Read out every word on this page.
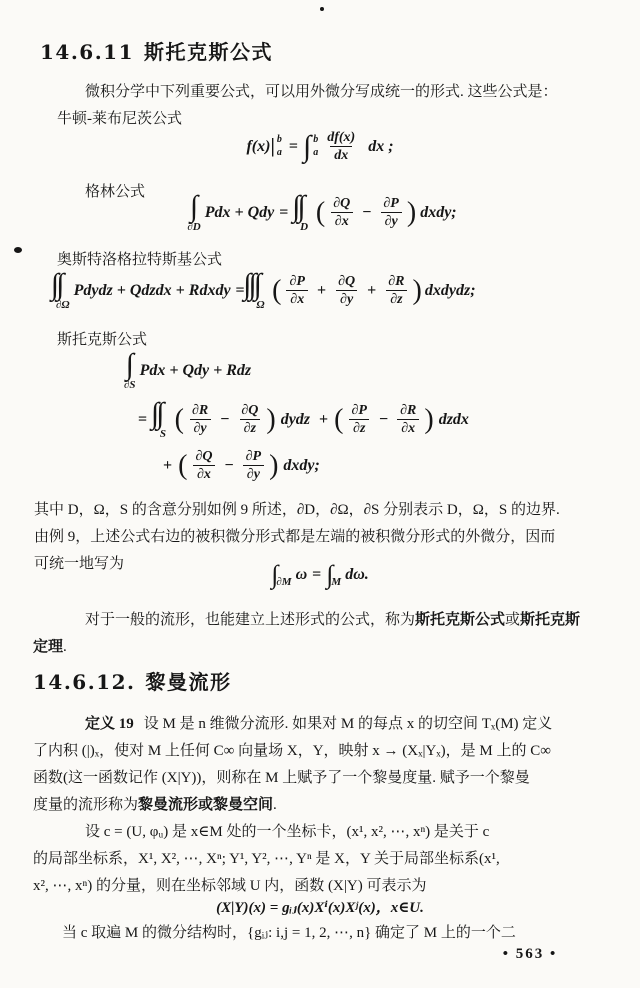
14.6.11 斯托克斯公式
微积分学中下列重要公式，可以用外微分写成统一的形式. 这些公式是：
牛顿-莱布尼茨公式
f(x) | b
a = ∫ b
a $\frac{df(x)}{dx}$ dx ;
格林公式 ∫
∂D
Pdx + Qdy =
D ( $\frac{\partial Q}{\partial x} - \frac{\partial P}{\partial y}$ ) dxdy;
奥斯特洛格拉特斯基公式
∂Ω
Pdydz + Qdzdx + Rdxdy =
Ω ( $\frac{\partial P}{\partial x} + \frac{\partial Q}{\partial y} + \frac{\partial R}{\partial z}$ ) dxdydz;
斯托克斯公式
∫
∂S
Pdx + Qdy + Rdz
=
S ( $\frac{\partial R}{\partial y} - \frac{\partial Q}{\partial z}$ ) dydz + ( $\frac{\partial P}{\partial z} - \frac{\partial R}{\partial x}$ ) dzdx
+ ( $\frac{\partial Q}{\partial x} - \frac{\partial P}{\partial y}$ ) dxdy;
其中 D，Ω，S 的含意分别如例 9 所述，∂D，∂Ω，∂S 分别表示 D，Ω，S 的边界.
由例 9，上述公式右边的被积微分形式都是左端的被积微分形式的外微分，因而
可统一地写为	∫
∂M ω = ∫
M dω.
对于一般的流形，也能建立上述形式的公式，称为斯托克斯公式或斯托克斯
定理.
14.6.12. 黎曼流形
定义 19 设 M 是 n 维微分流形. 如果对 M 的每点 x 的切空间 Tₓ(M) 定义
了内积 (|)ₓ，使对 M 上任何 C∞ 向量场 X，Y，映射 x → (Xₓ|Yₓ)，是 M 上的 C∞
函数(这一函数记作 (X|Y))，则称在 M 上赋予了一个黎曼度量. 赋予一个黎曼
度量的流形称为黎曼流形或黎曼空间.
设 c = (U, φᵤ) 是 x∈M 处的一个坐标卡，(x¹, x², ⋯, xⁿ) 是关于 c
的局部坐标系，X¹, X², ⋯, Xⁿ; Y¹, Y², ⋯, Yⁿ 是 X，Y 关于局部坐标系(x¹,
x², ⋯, xⁿ) 的分量，则在坐标邻域 U 内，函数 (X|Y) 可表示为
(X|Y)(x) = gᵢⱼ(x)Xⁱ(x)Xʲ(x)，x∈U.
当 c 取遍 M 的微分结构时，{gᵢⱼ: i,j = 1, 2, ⋯, n} 确定了 M 上的一个二
• 563 •
